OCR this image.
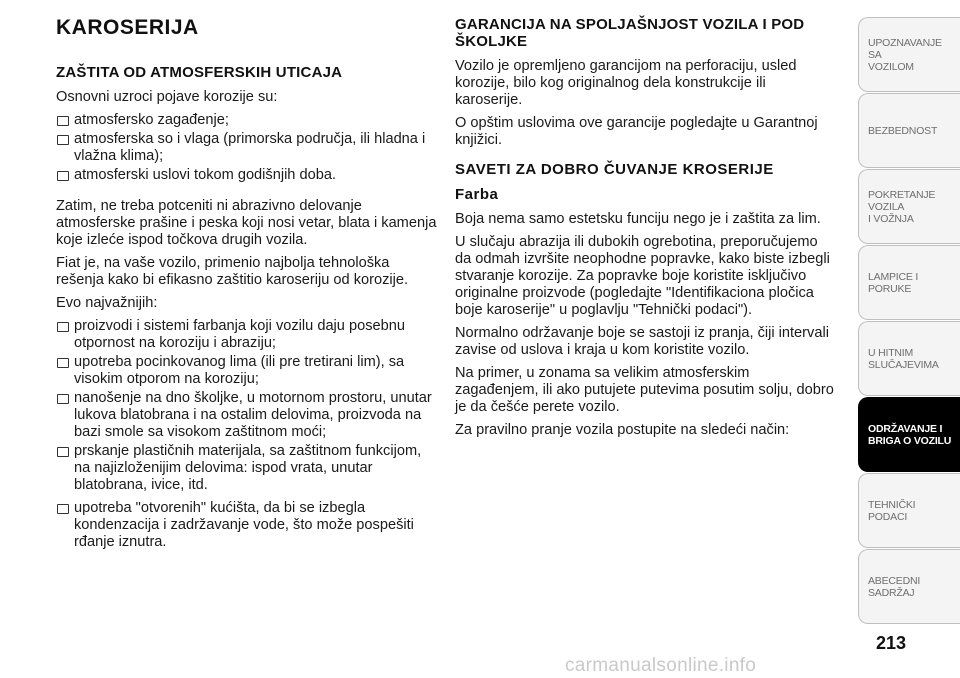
KAROSERIJA
ZAŠTITA OD ATMOSFERSKIH UTICAJA

Osnovni uzroci pojave korozije su:

atmosfersko zagađenje;
atmosferska so i vlaga (primorska područja, ili hladna i vlažna klima);
atmosferski uslovi tokom godišnjih doba.

Zatim, ne treba potceniti ni abrazivno delovanje atmosferske prašine i peska koji nosi vetar, blata i kamenja koje izleće ispod točkova drugih vozila.

Fiat je, na vaše vozilo, primenio najbolja tehnološka rešenja kako bi efikasno zaštitio karoseriju od korozije.

Evo najvažnijih:

proizvodi i sistemi farbanja koji vozilu daju posebnu otpornost na koroziju i abraziju;
upotreba pocinkovanog lima (ili pre tretirani lim), sa visokim otporom na koroziju;
nanošenje na dno školjke, u motornom prostoru, unutar lukova blatobrana i na ostalim delovima, proizvoda na bazi smole sa visokom zaštitnom moći;
prskanje plastičnih materijala, sa zaštitnom funkcijom, na najizloženijim delovima: ispod vrata, unutar blatobrana, ivice, itd.
upotreba "otvorenih" kućišta, da bi se izbegla kondenzacija i zadržavanje vode, što može pospešiti rđanje iznutra.
GARANCIJA NA SPOLJAŠNJOST VOZILA I POD ŠKOLJKE

Vozilo je opremljeno garancijom na perforaciju, usled korozije, bilo kog originalnog dela konstrukcije ili karoserije.

O opštim uslovima ove garancije pogledajte u Garantnoj knjižici.

SAVETI ZA DOBRO ČUVANJE KROSERIJE
Farba

Boja nema samo estetsku funciju nego je i zaštita za lim.

U slučaju abrazija ili dubokih ogrebotina, preporučujemo da odmah izvršite neophodne popravke, kako biste izbegli stvaranje korozije. Za popravke boje koristite isključivo originalne proizvode (pogledajte "Identifikaciona pločica boje karoserije" u poglavlju "Tehnički podaci").

Normalno održavanje boje se sastoji iz pranja, čiji intervali zavise od uslova i kraja u kom koristite vozilo.

Na primer, u zonama sa velikim atmosferskim zagađenjem, ili ako putujete putevima posutim solju, dobro je da češće perete vozilo.

Za pravilno pranje vozila postupite na sledeći način:

UPOZNAVANJE SA
VOZILOM
BEZBEDNOST
POKRETANJE VOZILA
I VOŽNJA
LAMPICE I PORUKE
U HITNIM
SLUČAJEVIMA
ODRŽAVANJE I
BRIGA O VOZILU
TEHNIČKI PODACI
ABECEDNI SADRŽAJ
213
carmanualsonline.info
